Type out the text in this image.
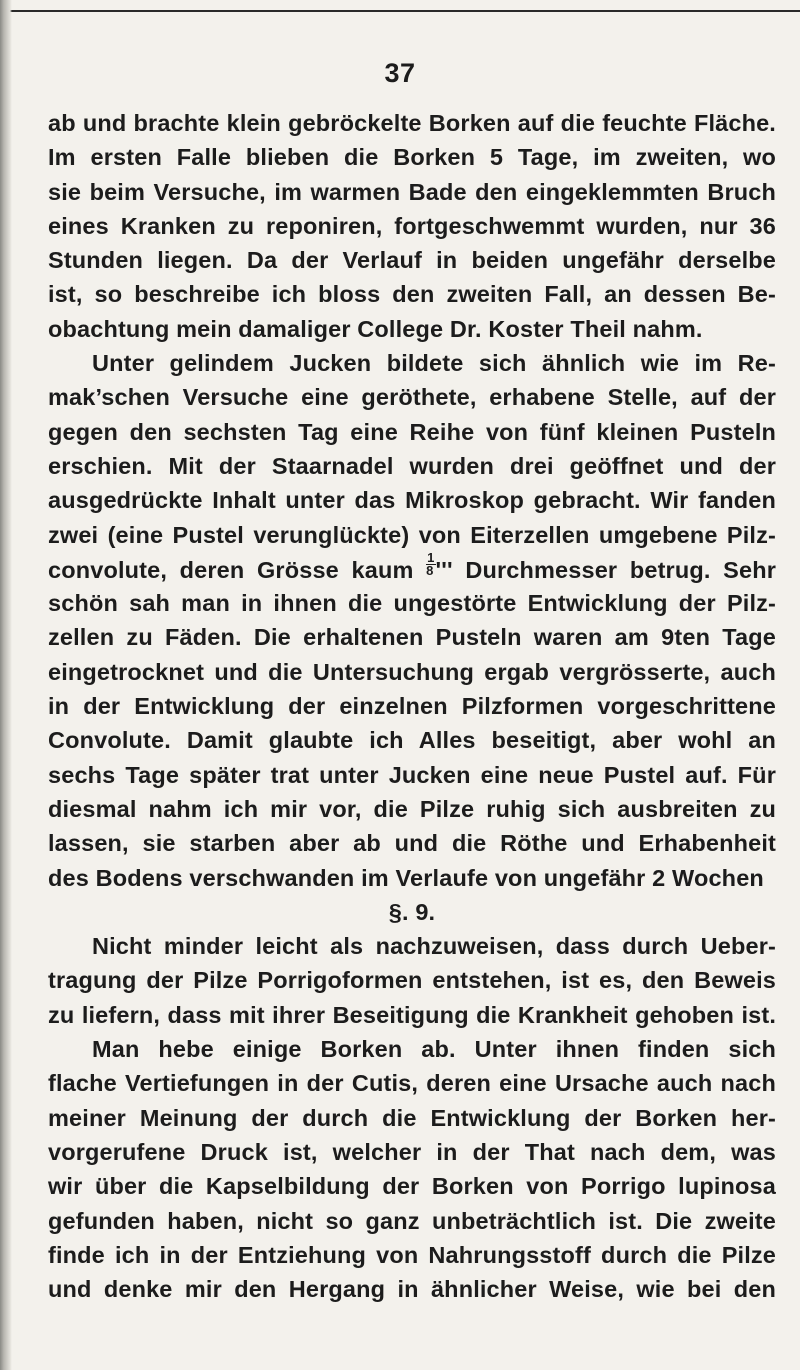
37
ab und brachte klein gebröckelte Borken auf die feuchte Fläche.
Im ersten Falle blieben die Borken 5 Tage, im zweiten, wo
sie beim Versuche, im warmen Bade den eingeklemmten Bruch
eines Kranken zu reponiren, fortgeschwemmt wurden, nur 36
Stunden liegen. Da der Verlauf in beiden ungefähr derselbe
ist, so beschreibe ich bloss den zweiten Fall, an dessen Be-
obachtung mein damaliger College Dr. Koster Theil nahm.
Unter gelindem Jucken bildete sich ähnlich wie im Re-
mak’schen Versuche eine geröthete, erhabene Stelle, auf der
gegen den sechsten Tag eine Reihe von fünf kleinen Pusteln
erschien. Mit der Staarnadel wurden drei geöffnet und der
ausgedrückte Inhalt unter das Mikroskop gebracht. Wir fanden
zwei (eine Pustel verunglückte) von Eiterzellen umgebene Pilz-
convolute, deren Grösse kaum $\frac{1}{8}$ ''' Durchmesser betrug. Sehr
schön sah man in ihnen die ungestörte Entwicklung der Pilz-
zellen zu Fäden. Die erhaltenen Pusteln waren am 9ten Tage
eingetrocknet und die Untersuchung ergab vergrösserte, auch
in der Entwicklung der einzelnen Pilzformen vorgeschrittene
Convolute. Damit glaubte ich Alles beseitigt, aber wohl an
sechs Tage später trat unter Jucken eine neue Pustel auf. Für
diesmal nahm ich mir vor, die Pilze ruhig sich ausbreiten zu
lassen, sie starben aber ab und die Röthe und Erhabenheit
des Bodens verschwanden im Verlaufe von ungefähr 2 Wochen
§. 9.
Nicht minder leicht als nachzuweisen, dass durch Ueber-
tragung der Pilze Porrigoformen entstehen, ist es, den Beweis
zu liefern, dass mit ihrer Beseitigung die Krankheit gehoben ist.
Man hebe einige Borken ab. Unter ihnen finden sich
flache Vertiefungen in der Cutis, deren eine Ursache auch nach
meiner Meinung der durch die Entwicklung der Borken her-
vorgerufene Druck ist, welcher in der That nach dem, was
wir über die Kapselbildung der Borken von Porrigo lupinosa
gefunden haben, nicht so ganz unbeträchtlich ist. Die zweite
finde ich in der Entziehung von Nahrungsstoff durch die Pilze
und denke mir den Hergang in ähnlicher Weise, wie bei den
